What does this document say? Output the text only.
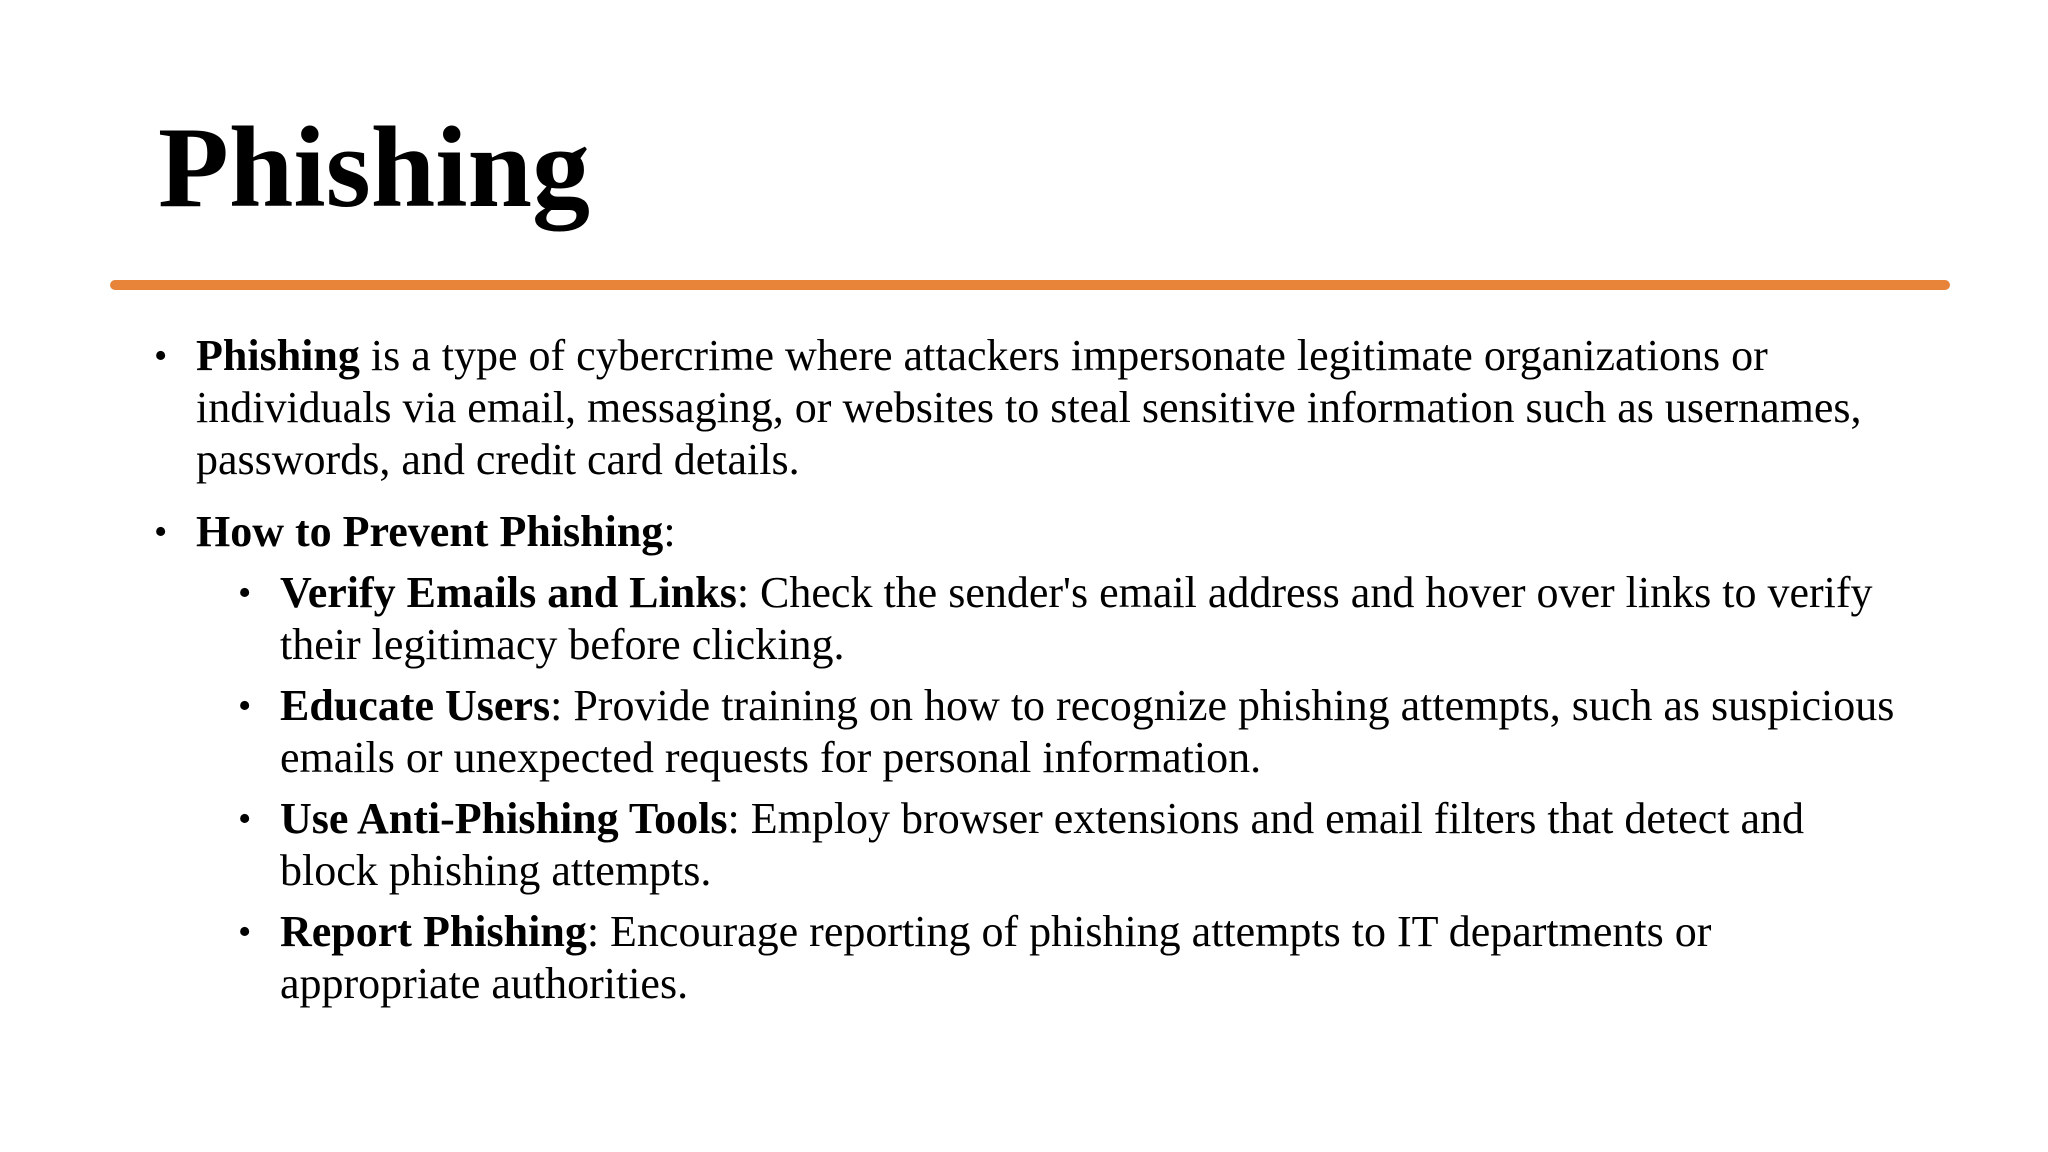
Phishing
• Phishing is a type of cybercrime where attackers impersonate legitimate organizations or individuals via email, messaging, or websites to steal sensitive information such as usernames, passwords, and credit card details.
• How to Prevent Phishing:
• Verify Emails and Links: Check the sender's email address and hover over links to verify their legitimacy before clicking.
• Educate Users: Provide training on how to recognize phishing attempts, such as suspicious emails or unexpected requests for personal information.
• Use Anti-Phishing Tools: Employ browser extensions and email filters that detect and block phishing attempts.
• Report Phishing: Encourage reporting of phishing attempts to IT departments or appropriate authorities.
